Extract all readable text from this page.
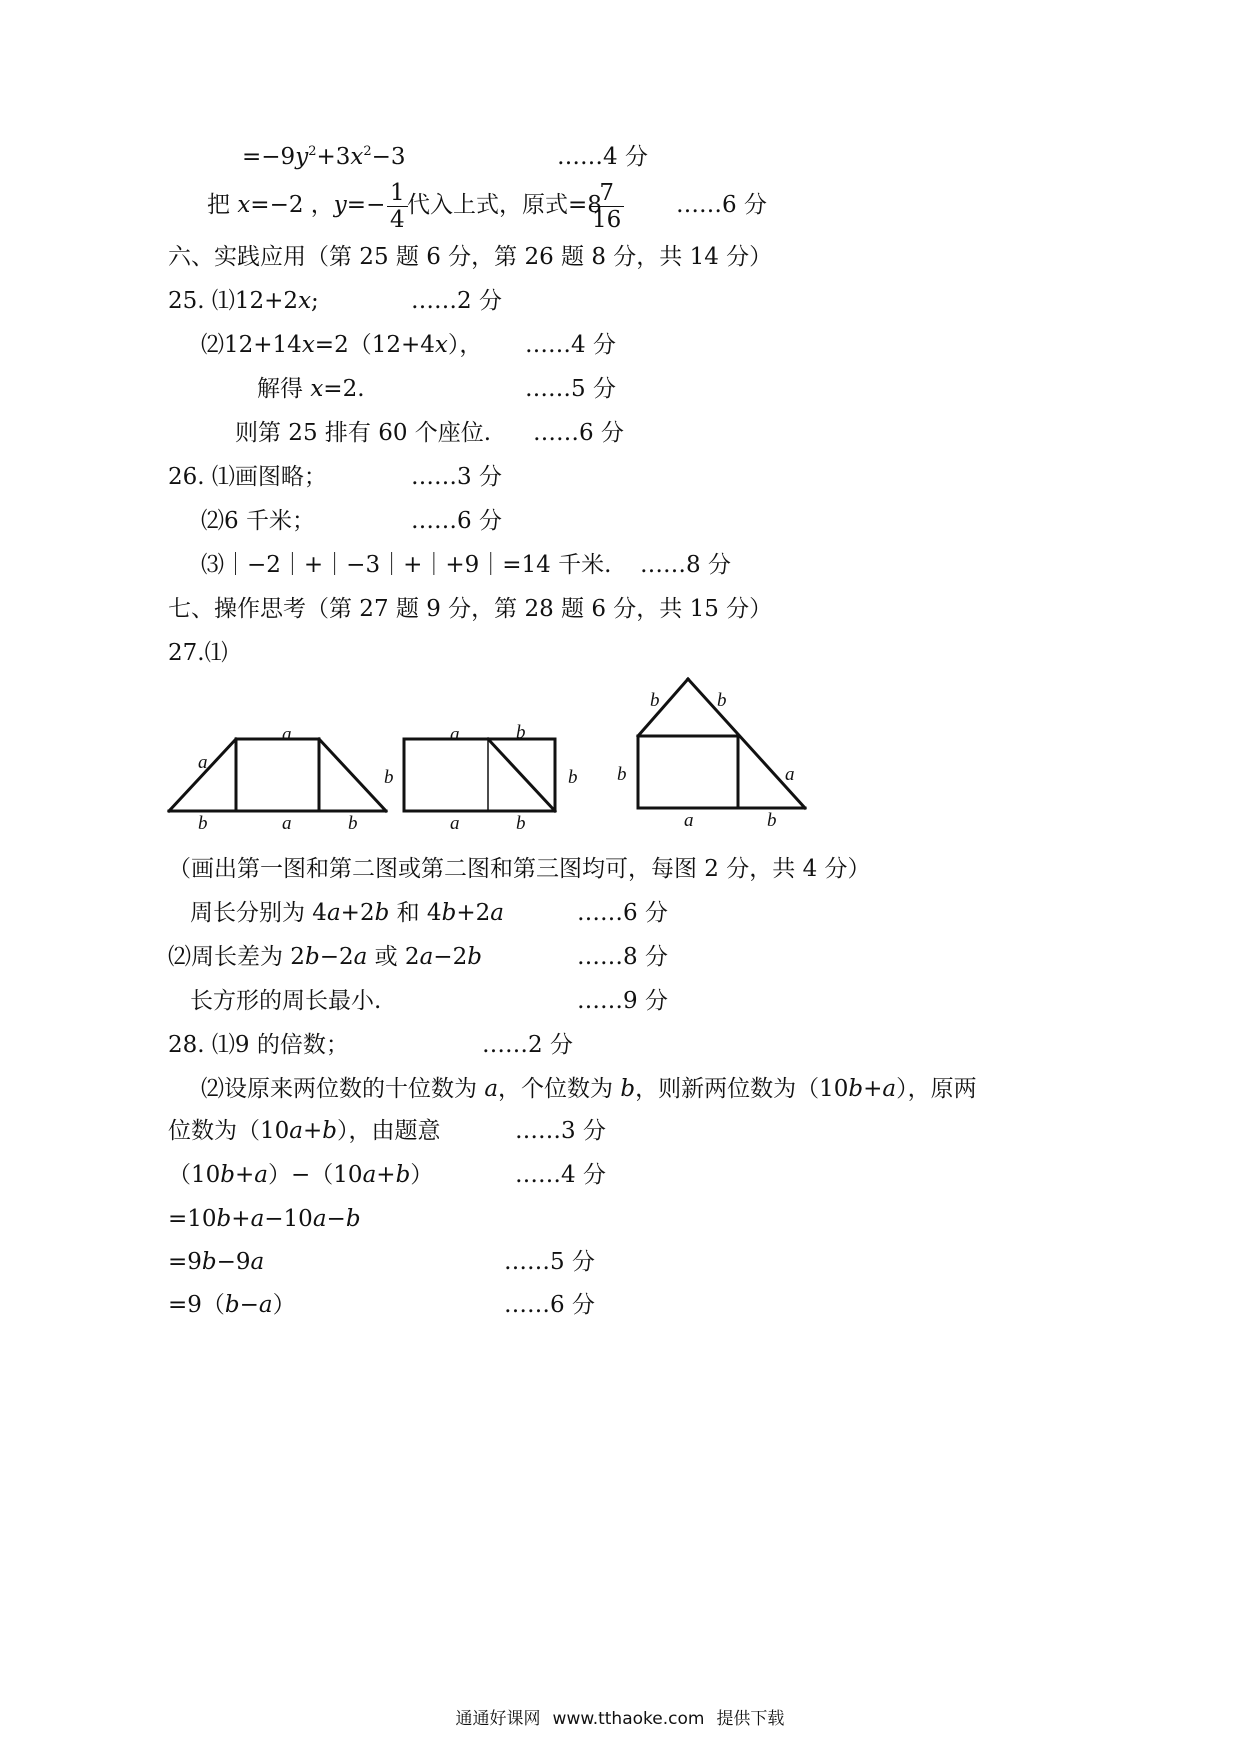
$=-9y^2+3x^2-3$	……4 分
把 x=−2 ，$y=- \frac{1}{4}$ 代入上式，原式=8
$\frac{7}{16}$ ……6 分
六、实践应用（第 25 题 6 分，第 26 题 8 分，共 14 分）
25. ⑴12+2x;	……2 分
⑵12+14x=2（12+4x）， ……4 分
解得 x=2.	……5 分
则第 25 排有 60 个座位. ……6 分
26. ⑴画图略；	……3 分
⑵6 千米；	……6 分
⑶｜−2｜+｜−3｜+｜+9｜=14 千米. ……8 分
七、操作思考（第 27 题 9 分，第 28 题 6 分，共 15 分）
27.⑴
a
a
b
b	a	b
a	b
b
a	b
b	b
b	a
a	b
（画出第一图和第二图或第二图和第三图均可，每图 2 分，共 4 分）
周长分别为 4a+2b 和 4b+2a	……6 分
⑵周长差为 2b−2a 或 2a−2b	……8 分
长方形的周长最小.	……9 分
28. ⑴9 的倍数；	……2 分
⑵设原来两位数的十位数为 a，个位数为 b，则新两位数为（10b+a），原两
位数为（10a+b），由题意	……3 分
（10b+a）−（10a+b）	……4 分
=10b+a−10a−b
=9b−9a	……5 分
=9（b−a）	……6 分
通通好课网 www.tthaoke.com 提供下载
